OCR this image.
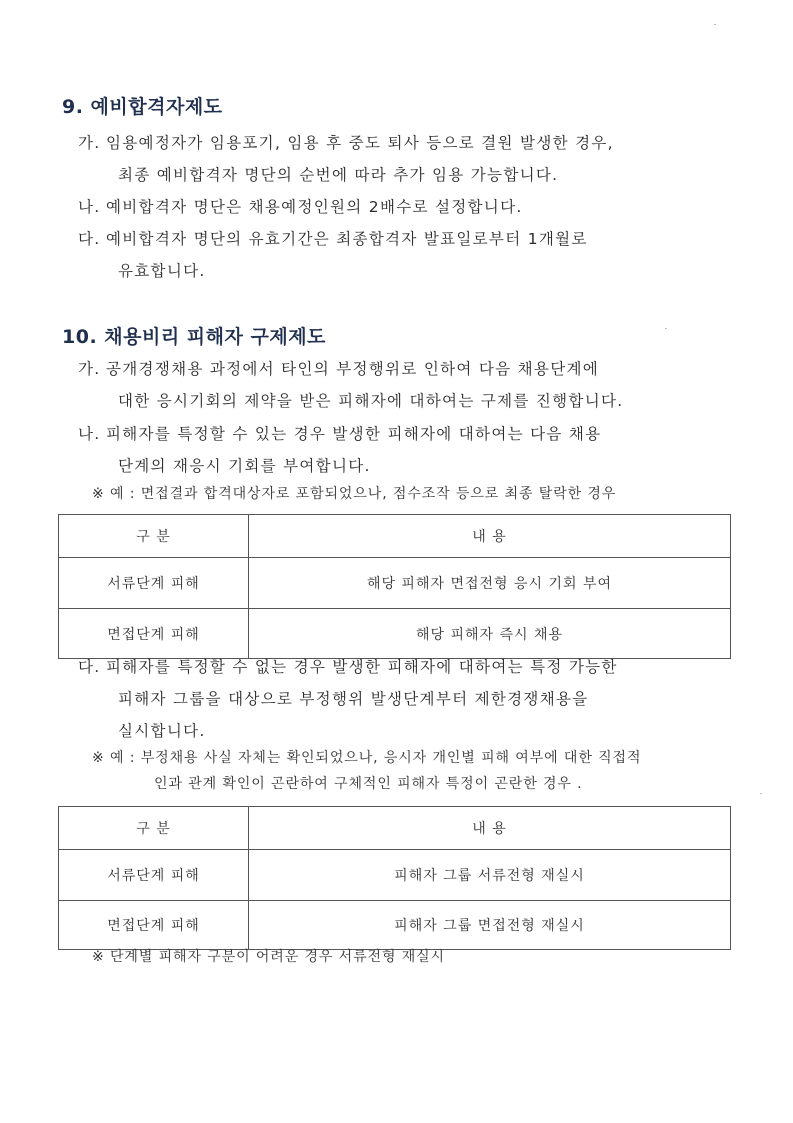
9. 예비합격자제도
가. 임용예정자가 임용포기, 임용 후 중도 퇴사 등으로 결원 발생한 경우,
최종 예비합격자 명단의 순번에 따라 추가 임용 가능합니다.
나. 예비합격자 명단은 채용예정인원의 2배수로 설정합니다.
다. 예비합격자 명단의 유효기간은 최종합격자 발표일로부터 1개월로
유효합니다.
10. 채용비리 피해자 구제제도
가. 공개경쟁채용 과정에서 타인의 부정행위로 인하여 다음 채용단계에
대한 응시기회의 제약을 받은 피해자에 대하여는 구제를 진행합니다.
나. 피해자를 특정할 수 있는 경우 발생한 피해자에 대하여는 다음 채용
단계의 재응시 기회를 부여합니다.
※ 예 : 면접결과 합격대상자로 포함되었으나, 점수조작 등으로 최종 탈락한 경우
구 분	내 용
서류단계 피해	해당 피해자 면접전형 응시 기회 부여
면접단계 피해	해당 피해자 즉시 채용
다. 피해자를 특정할 수 없는 경우 발생한 피해자에 대하여는 특정 가능한
피해자 그룹을 대상으로 부정행위 발생단계부터 제한경쟁채용을
실시합니다.
※ 예 : 부정채용 사실 자체는 확인되었으나, 응시자 개인별 피해 여부에 대한 직접적
인과 관계 확인이 곤란하여 구체적인 피해자 특정이 곤란한 경우 .
구 분	내 용
서류단계 피해	피해자 그룹 서류전형 재실시
면접단계 피해	피해자 그룹 면접전형 재실시
※ 단계별 피해자 구분이 어려운 경우 서류전형 재실시
